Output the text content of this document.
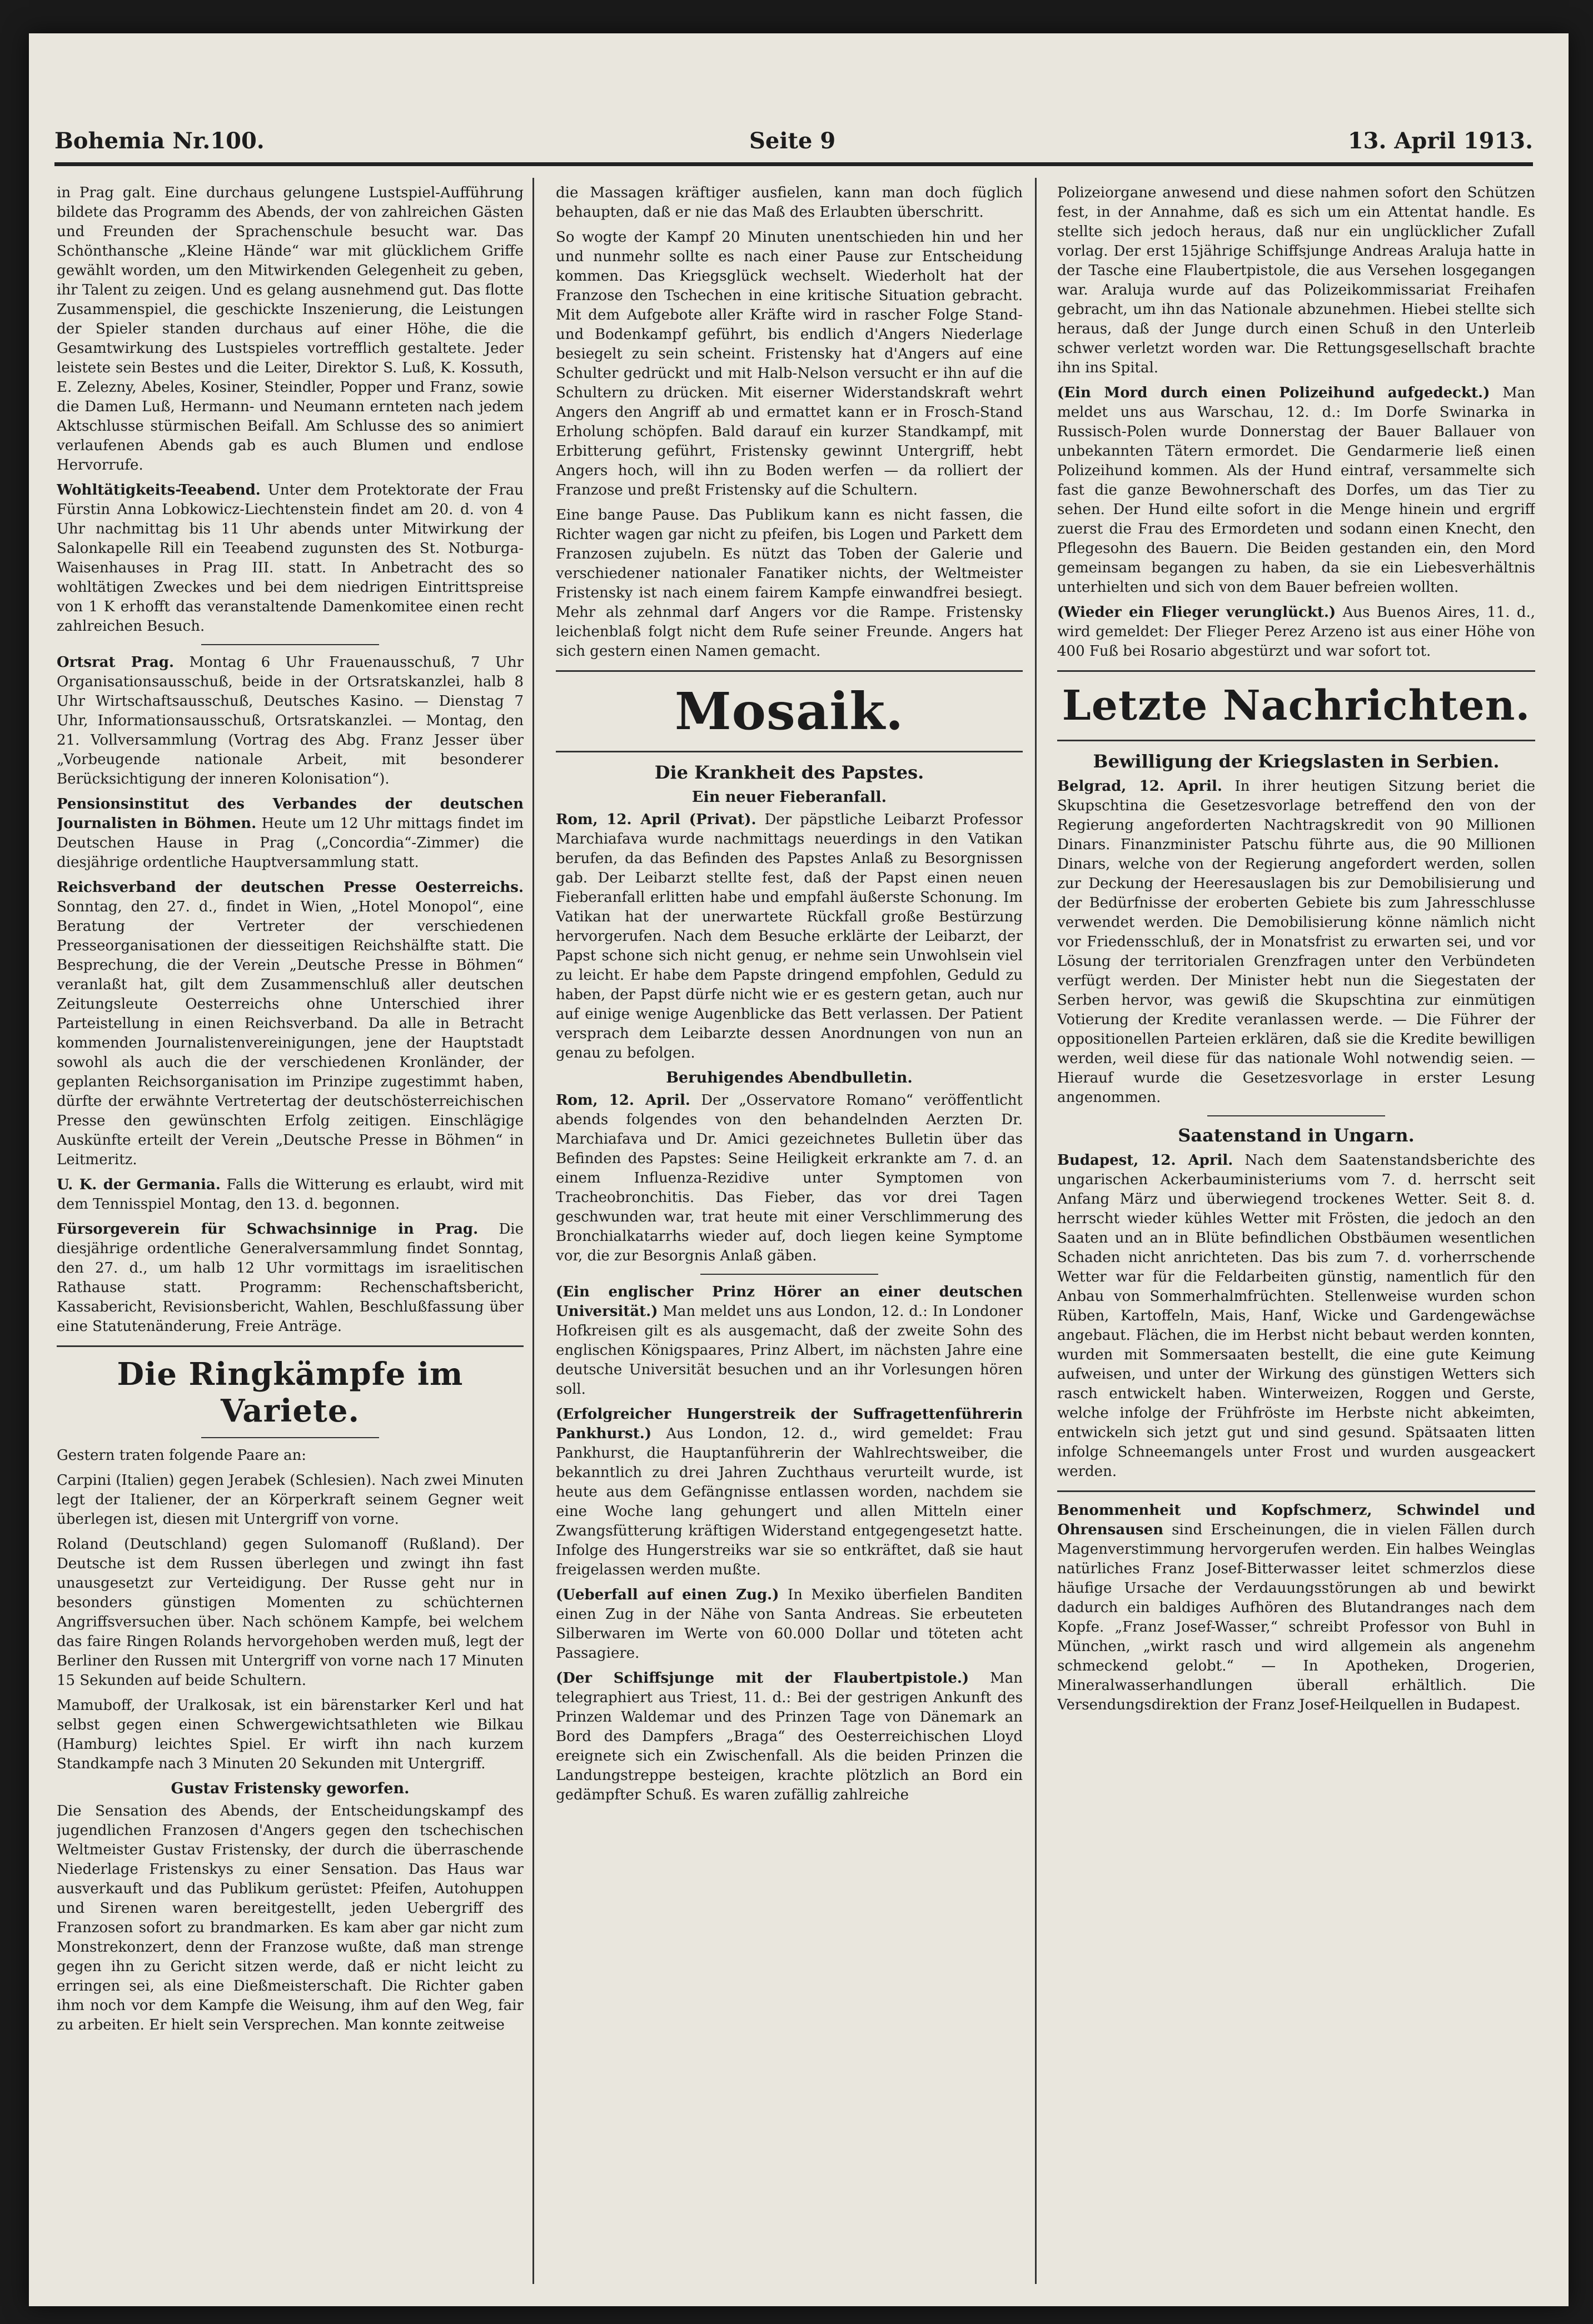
Bohemia Nr.100.	Seite 9	13. April 1913.

in Prag galt. Eine durchaus gelungene Lustspiel-Aufführung bildete das Programm des Abends, der von zahlreichen Gästen und Freunden der Sprachenschule besucht war. Das Schönthansche „Kleine Hände“ war mit glücklichem Griffe gewählt worden, um den Mitwirkenden Gelegenheit zu geben, ihr Talent zu zeigen. Und es gelang ausnehmend gut. Das flotte Zusammenspiel, die geschickte Inszenierung, die Leistungen der Spieler standen durchaus auf einer Höhe, die die Gesamtwirkung des Lustspieles vortrefflich gestaltete. Jeder leistete sein Bestes und die Leiter, Direktor S. Luß, K. Kossuth, E. Zelezny, Abeles, Kosiner, Steindler, Popper und Franz, sowie die Damen Luß, Hermann- und Neumann ernteten nach jedem Aktschlusse stürmischen Beifall. Am Schlusse des so animiert verlaufenen Abends gab es auch Blumen und endlose Hervorrufe.

Wohltätigkeits-Teeabend. Unter dem Protektorate der Frau Fürstin Anna Lobkowicz-Liechtenstein findet am 20. d. von 4 Uhr nachmittag bis 11 Uhr abends unter Mitwirkung der Salonkapelle Rill ein Teeabend zugunsten des St. Notburga-Waisenhauses in Prag III. statt. In Anbetracht des so wohltätigen Zweckes und bei dem niedrigen Eintrittspreise von 1 K erhofft das veranstaltende Damenkomitee einen recht zahlreichen Besuch.

Ortsrat Prag. Montag 6 Uhr Frauenausschuß, 7 Uhr Organisationsausschuß, beide in der Ortsratskanzlei, halb 8 Uhr Wirtschaftsausschuß, Deutsches Kasino. — Dienstag 7 Uhr, Informationsausschuß, Ortsratskanzlei. — Montag, den 21. Vollversammlung (Vortrag des Abg. Franz Jesser über „Vorbeugende nationale Arbeit, mit besonderer Berücksichtigung der inneren Kolonisation“).

Pensionsinstitut des Verbandes der deutschen Journalisten in Böhmen. Heute um 12 Uhr mittags findet im Deutschen Hause in Prag („Concordia“-Zimmer) die diesjährige ordentliche Hauptversammlung statt.

Reichsverband der deutschen Presse Oesterreichs. Sonntag, den 27. d., findet in Wien, „Hotel Monopol“, eine Beratung der Vertreter der verschiedenen Presseorganisationen der diesseitigen Reichshälfte statt. Die Besprechung, die der Verein „Deutsche Presse in Böhmen“ veranlaßt hat, gilt dem Zusammenschluß aller deutschen Zeitungsleute Oesterreichs ohne Unterschied ihrer Parteistellung in einen Reichsverband. Da alle in Betracht kommenden Journalistenvereinigungen, jene der Hauptstadt sowohl als auch die der verschiedenen Kronländer, der geplanten Reichsorganisation im Prinzipe zugestimmt haben, dürfte der erwähnte Vertretertag der deutschösterreichischen Presse den gewünschten Erfolg zeitigen. Einschlägige Auskünfte erteilt der Verein „Deutsche Presse in Böhmen“ in Leitmeritz.

U. K. der Germania. Falls die Witterung es erlaubt, wird mit dem Tennisspiel Montag, den 13. d. begonnen.

Fürsorgeverein für Schwachsinnige in Prag. Die diesjährige ordentliche Generalversammlung findet Sonntag, den 27. d., um halb 12 Uhr vormittags im israelitischen Rathause statt. Programm: Rechenschaftsbericht, Kassabericht, Revisionsbericht, Wahlen, Beschlußfassung über eine Statutenänderung, Freie Anträge.

Die Ringkämpfe im Variete.

Gestern traten folgende Paare an:

Carpini (Italien) gegen Jerabek (Schlesien). Nach zwei Minuten legt der Italiener, der an Körperkraft seinem Gegner weit überlegen ist, diesen mit Untergriff von vorne.

Roland (Deutschland) gegen Sulomanoff (Rußland). Der Deutsche ist dem Russen überlegen und zwingt ihn fast unausgesetzt zur Verteidigung. Der Russe geht nur in besonders günstigen Momenten zu schüchternen Angriffsversuchen über. Nach schönem Kampfe, bei welchem das faire Ringen Rolands hervorgehoben werden muß, legt der Berliner den Russen mit Untergriff von vorne nach 17 Minuten 15 Sekunden auf beide Schultern.

Mamuboff, der Uralkosak, ist ein bärenstarker Kerl und hat selbst gegen einen Schwergewichtsathleten wie Bilkau (Hamburg) leichtes Spiel. Er wirft ihn nach kurzem Standkampfe nach 3 Minuten 20 Sekunden mit Untergriff.

Gustav Fristensky geworfen.

Die Sensation des Abends, der Entscheidungskampf des jugendlichen Franzosen d'Angers gegen den tschechischen Weltmeister Gustav Fristensky, der durch die überraschende Niederlage Fristenskys zu einer Sensation. Das Haus war ausverkauft und das Publikum gerüstet: Pfeifen, Autohuppen und Sirenen waren bereitgestellt, jeden Uebergriff des Franzosen sofort zu brandmarken. Es kam aber gar nicht zum Monstrekonzert, denn der Franzose wußte, daß man strenge gegen ihn zu Gericht sitzen werde, daß er nicht leicht zu erringen sei, als eine Dießmeisterschaft. Die Richter gaben ihm noch vor dem Kampfe die Weisung, ihm auf den Weg, fair zu arbeiten. Er hielt sein Versprechen. Man konnte zeitweise

die Massagen kräftiger ausfielen, kann man doch füglich behaupten, daß er nie das Maß des Erlaubten überschritt.

So wogte der Kampf 20 Minuten unentschieden hin und her und nunmehr sollte es nach einer Pause zur Entscheidung kommen. Das Kriegsglück wechselt. Wiederholt hat der Franzose den Tschechen in eine kritische Situation gebracht. Mit dem Aufgebote aller Kräfte wird in rascher Folge Stand- und Bodenkampf geführt, bis endlich d'Angers Niederlage besiegelt zu sein scheint. Fristensky hat d'Angers auf eine Schulter gedrückt und mit Halb-Nelson versucht er ihn auf die Schultern zu drücken. Mit eiserner Widerstandskraft wehrt Angers den Angriff ab und ermattet kann er in Frosch-Stand Erholung schöpfen. Bald darauf ein kurzer Standkampf, mit Erbitterung geführt, Fristensky gewinnt Untergriff, hebt Angers hoch, will ihn zu Boden werfen — da rolliert der Franzose und preßt Fristensky auf die Schultern.

Eine bange Pause. Das Publikum kann es nicht fassen, die Richter wagen gar nicht zu pfeifen, bis Logen und Parkett dem Franzosen zujubeln. Es nützt das Toben der Galerie und verschiedener nationaler Fanatiker nichts, der Weltmeister Fristensky ist nach einem fairem Kampfe einwandfrei besiegt. Mehr als zehnmal darf Angers vor die Rampe. Fristensky leichenblaß folgt nicht dem Rufe seiner Freunde. Angers hat sich gestern einen Namen gemacht.

Mosaik.
Die Krankheit des Papstes.
Ein neuer Fieberanfall.

Rom, 12. April (Privat). Der päpstliche Leibarzt Professor Marchiafava wurde nachmittags neuerdings in den Vatikan berufen, da das Befinden des Papstes Anlaß zu Besorgnissen gab. Der Leibarzt stellte fest, daß der Papst einen neuen Fieberanfall erlitten habe und empfahl äußerste Schonung. Im Vatikan hat der unerwartete Rückfall große Bestürzung hervorgerufen. Nach dem Besuche erklärte der Leibarzt, der Papst schone sich nicht genug, er nehme sein Unwohlsein viel zu leicht. Er habe dem Papste dringend empfohlen, Geduld zu haben, der Papst dürfe nicht wie er es gestern getan, auch nur auf einige wenige Augenblicke das Bett verlassen. Der Patient versprach dem Leibarzte dessen Anordnungen von nun an genau zu befolgen.

Beruhigendes Abendbulletin.

Rom, 12. April. Der „Osservatore Romano“ veröffentlicht abends folgendes von den behandelnden Aerzten Dr. Marchiafava und Dr. Amici gezeichnetes Bulletin über das Befinden des Papstes: Seine Heiligkeit erkrankte am 7. d. an einem Influenza-Rezidive unter Symptomen von Tracheobronchitis. Das Fieber, das vor drei Tagen geschwunden war, trat heute mit einer Verschlimmerung des Bronchialkatarrhs wieder auf, doch liegen keine Symptome vor, die zur Besorgnis Anlaß gäben.

(Ein englischer Prinz Hörer an einer deutschen Universität.) Man meldet uns aus London, 12. d.: In Londoner Hofkreisen gilt es als ausgemacht, daß der zweite Sohn des englischen Königspaares, Prinz Albert, im nächsten Jahre eine deutsche Universität besuchen und an ihr Vorlesungen hören soll.

(Erfolgreicher Hungerstreik der Suffragettenführerin Pankhurst.) Aus London, 12. d., wird gemeldet: Frau Pankhurst, die Hauptanführerin der Wahlrechtsweiber, die bekanntlich zu drei Jahren Zuchthaus verurteilt wurde, ist heute aus dem Gefängnisse entlassen worden, nachdem sie eine Woche lang gehungert und allen Mitteln einer Zwangsfütterung kräftigen Widerstand entgegengesetzt hatte. Infolge des Hungerstreiks war sie so entkräftet, daß sie haut freigelassen werden mußte.

(Ueberfall auf einen Zug.) In Mexiko überfielen Banditen einen Zug in der Nähe von Santa Andreas. Sie erbeuteten Silberwaren im Werte von 60.000 Dollar und töteten acht Passagiere.

(Der Schiffsjunge mit der Flaubertpistole.) Man telegraphiert aus Triest, 11. d.: Bei der gestrigen Ankunft des Prinzen Waldemar und des Prinzen Tage von Dänemark an Bord des Dampfers „Braga“ des Oesterreichischen Lloyd ereignete sich ein Zwischenfall. Als die beiden Prinzen die Landungstreppe besteigen, krachte plötzlich an Bord ein gedämpfter Schuß. Es waren zufällig zahlreiche

Polizeiorgane anwesend und diese nahmen sofort den Schützen fest, in der Annahme, daß es sich um ein Attentat handle. Es stellte sich jedoch heraus, daß nur ein unglücklicher Zufall vorlag. Der erst 15jährige Schiffsjunge Andreas Araluja hatte in der Tasche eine Flaubertpistole, die aus Versehen losgegangen war. Araluja wurde auf das Polizeikommissariat Freihafen gebracht, um ihn das Nationale abzunehmen. Hiebei stellte sich heraus, daß der Junge durch einen Schuß in den Unterleib schwer verletzt worden war. Die Rettungsgesellschaft brachte ihn ins Spital.

(Ein Mord durch einen Polizeihund aufgedeckt.) Man meldet uns aus Warschau, 12. d.: Im Dorfe Swinarka in Russisch-Polen wurde Donnerstag der Bauer Ballauer von unbekannten Tätern ermordet. Die Gendarmerie ließ einen Polizeihund kommen. Als der Hund eintraf, versammelte sich fast die ganze Bewohnerschaft des Dorfes, um das Tier zu sehen. Der Hund eilte sofort in die Menge hinein und ergriff zuerst die Frau des Ermordeten und sodann einen Knecht, den Pflegesohn des Bauern. Die Beiden gestanden ein, den Mord gemeinsam begangen zu haben, da sie ein Liebesverhältnis unterhielten und sich von dem Bauer befreien wollten.

(Wieder ein Flieger verunglückt.) Aus Buenos Aires, 11. d., wird gemeldet: Der Flieger Perez Arzeno ist aus einer Höhe von 400 Fuß bei Rosario abgestürzt und war sofort tot.

Letzte Nachrichten.
Bewilligung der Kriegslasten in Serbien.

Belgrad, 12. April. In ihrer heutigen Sitzung beriet die Skupschtina die Gesetzesvorlage betreffend den von der Regierung angeforderten Nachtragskredit von 90 Millionen Dinars. Finanzminister Patschu führte aus, die 90 Millionen Dinars, welche von der Regierung angefordert werden, sollen zur Deckung der Heeresauslagen bis zur Demobilisierung und der Bedürfnisse der eroberten Gebiete bis zum Jahresschlusse verwendet werden. Die Demobilisierung könne nämlich nicht vor Friedensschluß, der in Monatsfrist zu erwarten sei, und vor Lösung der territorialen Grenzfragen unter den Verbündeten verfügt werden. Der Minister hebt nun die Siegestaten der Serben hervor, was gewiß die Skupschtina zur einmütigen Votierung der Kredite veranlassen werde. — Die Führer der oppositionellen Parteien erklären, daß sie die Kredite bewilligen werden, weil diese für das nationale Wohl notwendig seien. — Hierauf wurde die Gesetzesvorlage in erster Lesung angenommen.

Saatenstand in Ungarn.

Budapest, 12. April. Nach dem Saatenstandsberichte des ungarischen Ackerbauministeriums vom 7. d. herrscht seit Anfang März und überwiegend trockenes Wetter. Seit 8. d. herrscht wieder kühles Wetter mit Frösten, die jedoch an den Saaten und an in Blüte befindlichen Obstbäumen wesentlichen Schaden nicht anrichteten. Das bis zum 7. d. vorherrschende Wetter war für die Feldarbeiten günstig, namentlich für den Anbau von Sommerhalmfrüchten. Stellenweise wurden schon Rüben, Kartoffeln, Mais, Hanf, Wicke und Gardengewächse angebaut. Flächen, die im Herbst nicht bebaut werden konnten, wurden mit Sommersaaten bestellt, die eine gute Keimung aufweisen, und unter der Wirkung des günstigen Wetters sich rasch entwickelt haben. Winterweizen, Roggen und Gerste, welche infolge der Frühfröste im Herbste nicht abkeimten, entwickeln sich jetzt gut und sind gesund. Spätsaaten litten infolge Schneemangels unter Frost und wurden ausgeackert werden.

Benommenheit und Kopfschmerz, Schwindel und Ohrensausen sind Erscheinungen, die in vielen Fällen durch Magenverstimmung hervorgerufen werden. Ein halbes Weinglas natürliches Franz Josef-Bitterwasser leitet schmerzlos diese häufige Ursache der Verdauungsstörungen ab und bewirkt dadurch ein baldiges Aufhören des Blutandranges nach dem Kopfe. „Franz Josef-Wasser,“ schreibt Professor von Buhl in München, „wirkt rasch und wird allgemein als angenehm schmeckend gelobt.“ — In Apotheken, Drogerien, Mineralwasserhandlungen überall erhältlich. Die Versendungsdirektion der Franz Josef-Heilquellen in Budapest.
